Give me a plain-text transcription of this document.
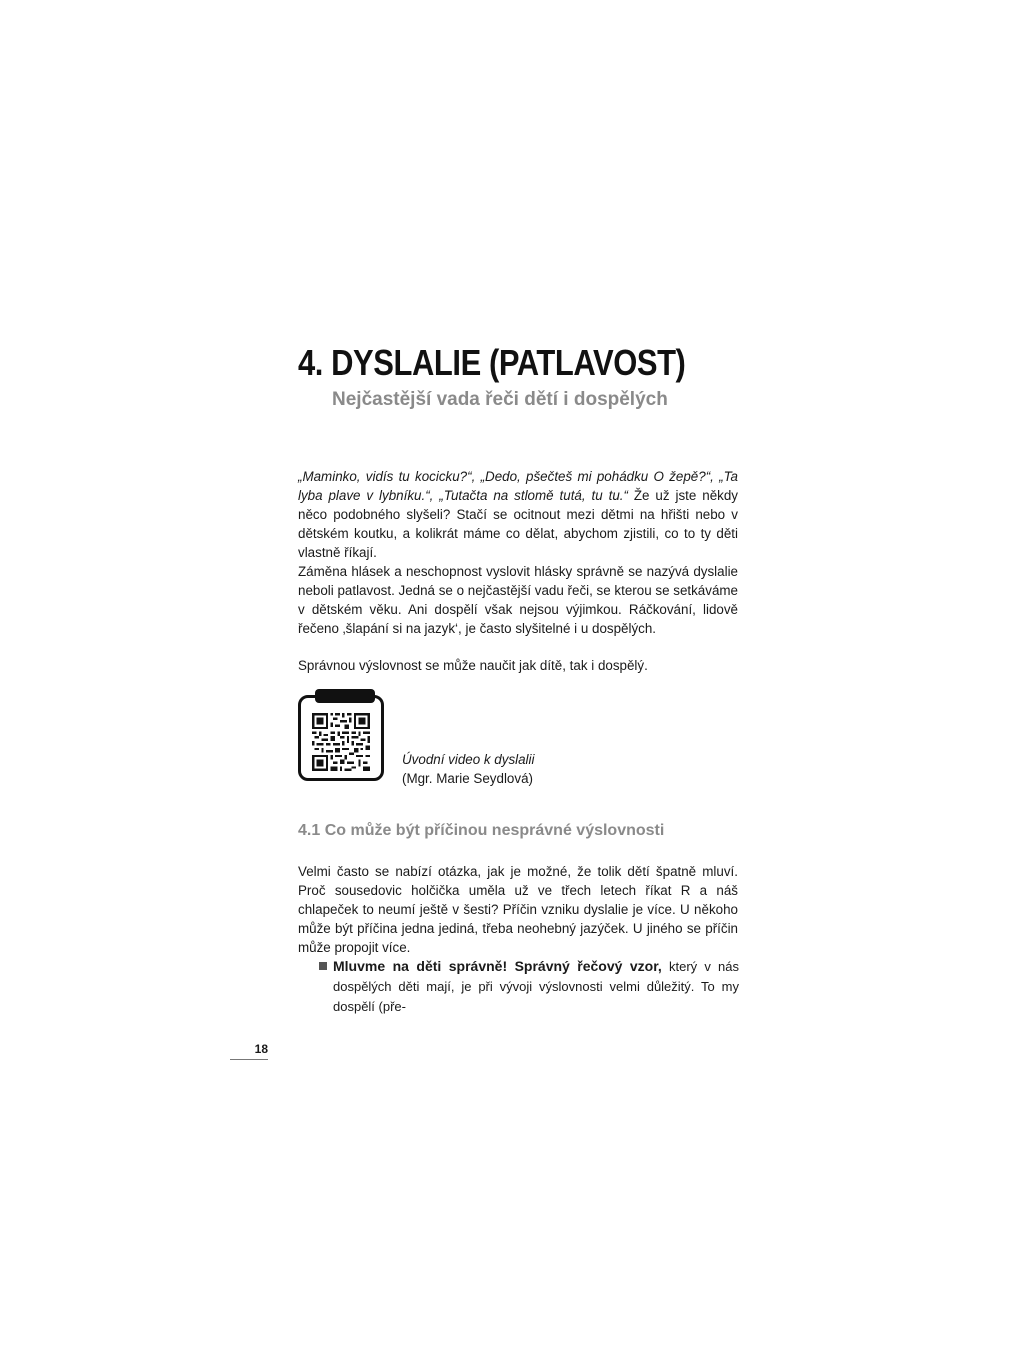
4. DYSLALIE (PATLAVOST)
Nejčastější vada řeči dětí i dospělých

„Maminko, vidís tu kocicku?“, „Dedo, pšečteš mi pohádku O žepě?“, „Ta lyba plave v lybníku.“, „Tutačta na stlomě tutá, tu tu.“ Že už jste někdy něco podobného slyšeli? Stačí se ocitnout mezi dětmi na hřišti nebo v dětském koutku, a kolikrát máme co dělat, abychom zjistili, co to ty děti vlastně říkají.

Záměna hlásek a neschopnost vyslovit hlásky správně se nazývá dyslalie neboli patlavost. Jedná se o nejčastější vadu řeči, se kterou se setkáváme v dětském věku. Ani dospělí však nejsou výjimkou. Ráčkování, lidově řečeno ‚šlapání si na jazyk‘, je často slyšitelné i u dospělých.

Správnou výslovnost se může naučit jak dítě, tak i dospělý.

Úvodní video k dyslalii
(Mgr. Marie Seydlová)

4.1 Co může být příčinou nesprávné výslovnosti

Velmi často se nabízí otázka, jak je možné, že tolik dětí špatně mluví. Proč sousedovic holčička uměla už ve třech letech říkat R a náš chlapeček to neumí ještě v šesti? Příčin vzniku dyslalie je více. U někoho může být příčina jedna jediná, třeba neohebný jazýček. U jiného se příčin může propojit více.

Mluvme na děti správně! Správný řečový vzor, který v nás dospělých děti mají, je při vývoji výslovnosti velmi důležitý. To my dospělí (pře-

18
